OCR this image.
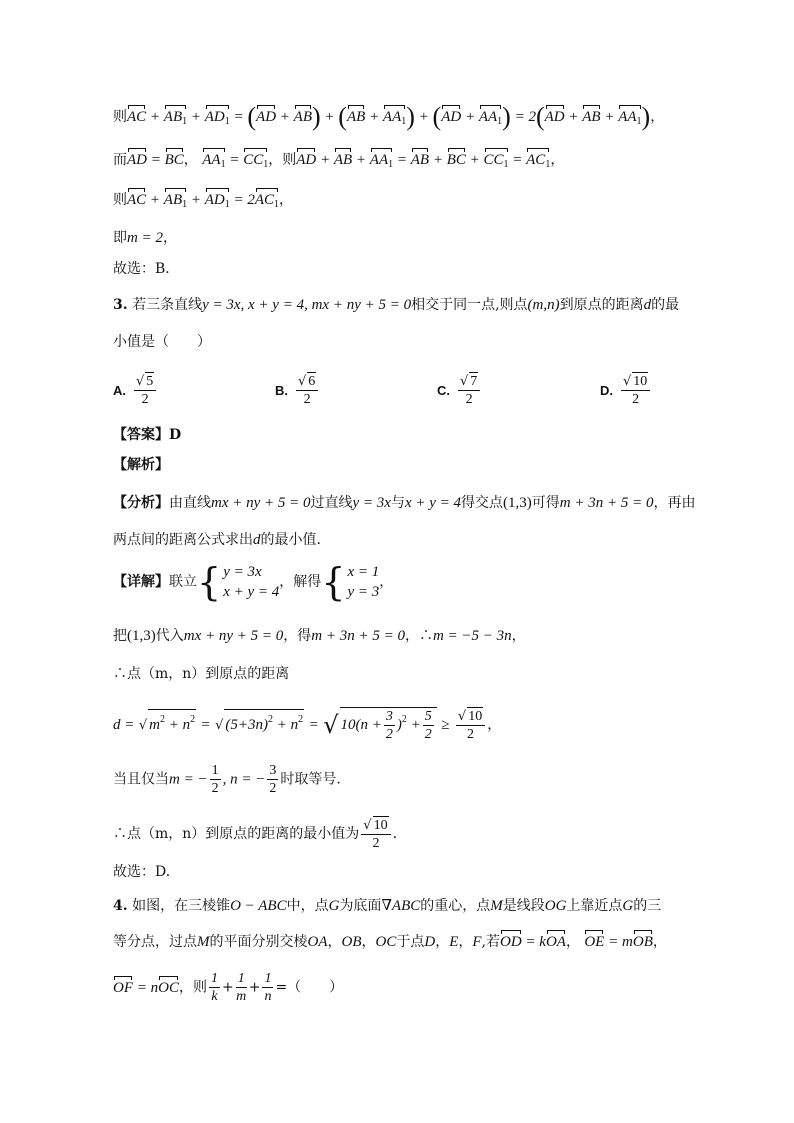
则AC + $AB_1 + AD_1 = (AD + AB) + (AB + AA_1) + (AD + AA_1) = 2(AD$ + AB + $AA_1$)，
而AD = BC， $AA_1 = CC_1$，则AD + AB + $AA_1$ = AB + BC + $CC_1 = AC_1$，
则AC + $AB_1 + AD_1 = 2AC_1$，
即m = 2，
故选：B.
3. 若三条直线y = 3x, x + y = 4, mx + ny + 5 = 0相交于同一点,则点(m,n)到原点的距离d的最
小值是（　　）
A. $\frac{√ 5}{2}$	B. $\frac{√ 6}{2}$	C. $\frac{√ 7}{2}$	D. $\frac{√ 10}{2}$
【答案】D
【解析】
【分析】由直线mx + ny + 5 = 0过直线y = 3x与x + y = 4得交点(1,3)可得m + 3n + 5 = 0，再由
两点间的距离公式求出d的最小值.
【详解】联立{ y = 3x
x + y = 4
，解得{ x = 1
y = 3
，
把(1,3)代入mx + ny + 5 = 0，得m + 3n + 5 = 0，∴m = −5 − 3n，
∴点（m，n）到原点的距离
d = √ $m^2 + n^2$ = √ $(5+3n)^2 + n^2$ = √ $10(n + \frac{3}{2} )^2 + \frac{5}{2} \ge \frac{√ 10}{2}$ ，
当且仅当m = − $\frac{1}{2}$ , n = − $\frac{3}{2}$ 时取等号.
∴点（m，n）到原点的距离的最小值为 $\frac{√ 10}{2}$ .
故选：D.
4. 如图，在三棱锥O − ABC中，点G为底面∇ABC的重心，点M是线段OG上靠近点G的三
等分点，过点M的平面分别交棱OA，OB，OC于点D，E，F,若OD = kOA， OE = mOB，
OF = nOC，则 $\frac{1}{k} + \frac{1}{m} + \frac{1}{n}$ =（　　）
